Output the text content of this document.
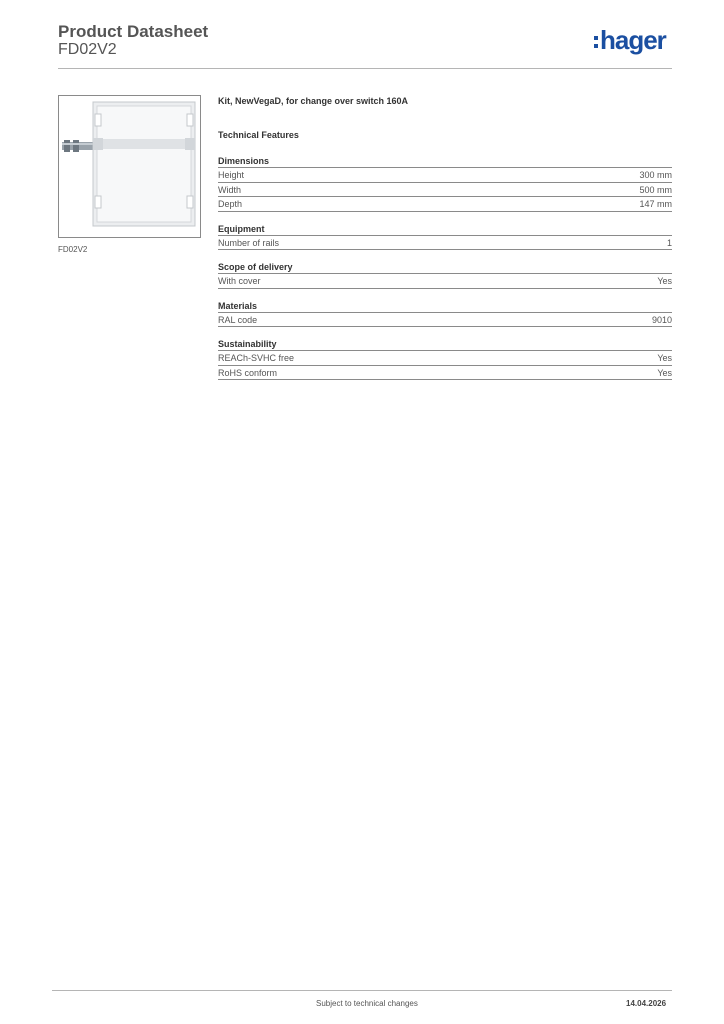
Product Datasheet
FD02V2	hager
FD02V2
Kit, NewVegaD, for change over switch 160A
Technical Features
Dimensions
Height	300 mm
Width	500 mm
Depth	147 mm
Equipment
Number of rails	1
Scope of delivery
With cover	Yes
Materials
RAL code	9010
Sustainability
REACh-SVHC free	Yes
RoHS conform	Yes
Subject to technical changes	14.04.2026
